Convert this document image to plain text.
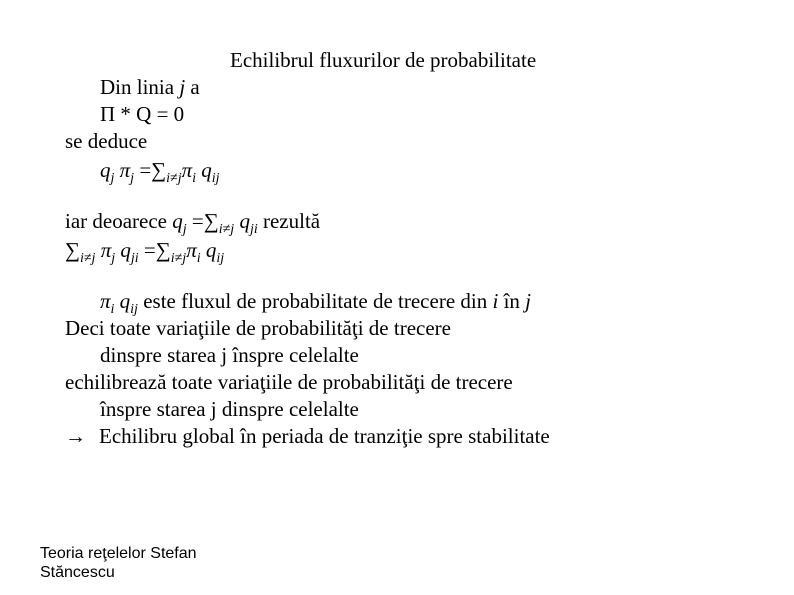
Echilibrul fluxurilor de probabilitate
Din linia j a
Π * Q = 0
se deduce
$q_j$ $\pi_j =\sum_{i\ne j}\pi_i$ $q_{ij}$
iar deoarece $q_j =\sum_{i\ne j}$ $q_{ji}$ rezultă
$\sum_{i\ne j}$ $\pi_j$ $q_{ji} =\sum_{i\ne j}\pi_i$ $q_{ij}$
$\pi_i$ $q_{ij}$ este fluxul de probabilitate de trecere din i în j
Deci toate variaţiile de probabilităţi de trecere
dinspre starea j înspre celelalte
echilibrează toate variaţiile de probabilităţi de trecere
înspre starea j dinspre celelalte
→ Echilibru global în periada de tranziţie spre stabilitate
Teoria reţelelor Stefan
Stăncescu
